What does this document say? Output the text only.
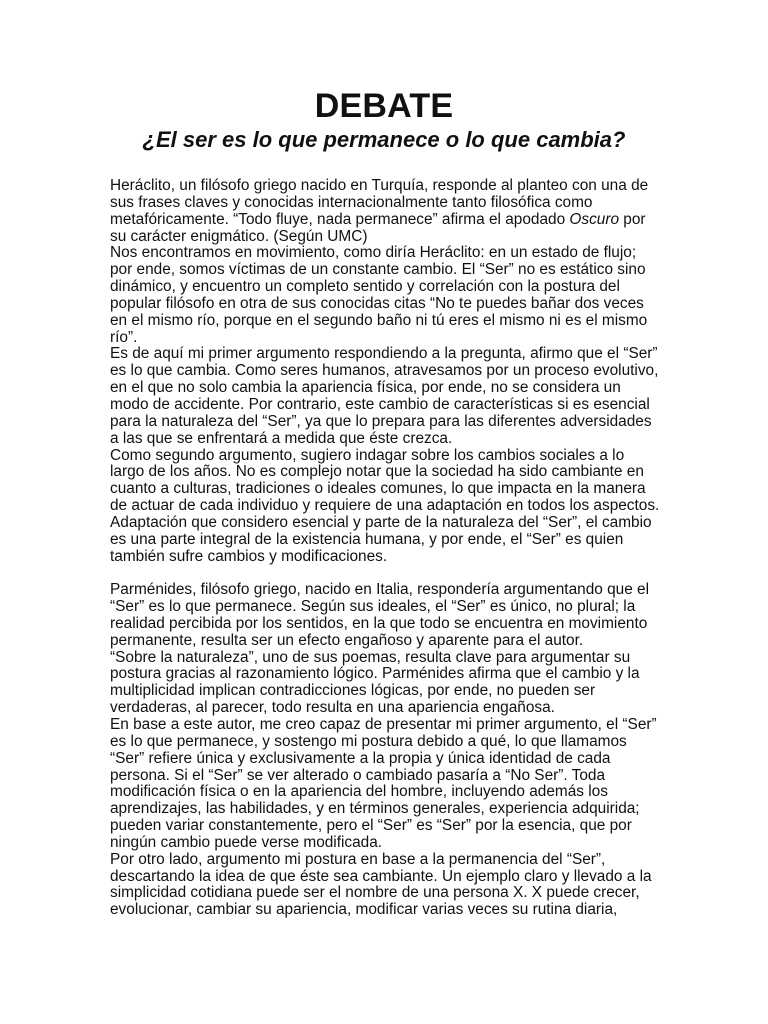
DEBATE
¿El ser es lo que permanece o lo que cambia?

Heráclito, un filósofo griego nacido en Turquía, responde al planteo con una de sus frases claves y conocidas internacionalmente tanto filosófica como metafóricamente. “Todo fluye, nada permanece” afirma el apodado Oscuro por su carácter enigmático. (Según UMC)

Nos encontramos en movimiento, como diría Heráclito: en un estado de flujo; por ende, somos víctimas de un constante cambio. El “Ser” no es estático sino dinámico, y encuentro un completo sentido y correlación con la postura del popular filósofo en otra de sus conocidas citas “No te puedes bañar dos veces en el mismo río, porque en el segundo baño ni tú eres el mismo ni es el mismo río”.

Es de aquí mi primer argumento respondiendo a la pregunta, afirmo que el “Ser” es lo que cambia. Como seres humanos, atravesamos por un proceso evolutivo, en el que no solo cambia la apariencia física, por ende, no se considera un modo de accidente. Por contrario, este cambio de características si es esencial para la naturaleza del “Ser”, ya que lo prepara para las diferentes adversidades a las que se enfrentará a medida que éste crezca.

Como segundo argumento, sugiero indagar sobre los cambios sociales a lo largo de los años. No es complejo notar que la sociedad ha sido cambiante en cuanto a culturas, tradiciones o ideales comunes, lo que impacta en la manera de actuar de cada individuo y requiere de una adaptación en todos los aspectos. Adaptación que considero esencial y parte de la naturaleza del “Ser”, el cambio es una parte integral de la existencia humana, y por ende, el “Ser” es quien también sufre cambios y modificaciones.

Parménides, filósofo griego, nacido en Italia, respondería argumentando que el “Ser” es lo que permanece. Según sus ideales, el “Ser” es único, no plural; la realidad percibida por los sentidos, en la que todo se encuentra en movimiento permanente, resulta ser un efecto engañoso y aparente para el autor.

“Sobre la naturaleza”, uno de sus poemas, resulta clave para argumentar su postura gracias al razonamiento lógico. Parménides afirma que el cambio y la multiplicidad implican contradicciones lógicas, por ende, no pueden ser verdaderas, al parecer, todo resulta en una apariencia engañosa.

En base a este autor, me creo capaz de presentar mi primer argumento, el “Ser” es lo que permanece, y sostengo mi postura debido a qué, lo que llamamos “Ser” refiere única y exclusivamente a la propia y única identidad de cada persona. Si el “Ser” se ver alterado o cambiado pasaría a “No Ser”. Toda modificación física o en la apariencia del hombre, incluyendo además los aprendizajes, las habilidades, y en términos generales, experiencia adquirida; pueden variar constantemente, pero el “Ser” es “Ser” por la esencia, que por ningún cambio puede verse modificada.

Por otro lado, argumento mi postura en base a la permanencia del “Ser”, descartando la idea de que éste sea cambiante. Un ejemplo claro y llevado a la simplicidad cotidiana puede ser el nombre de una persona X. X puede crecer, evolucionar, cambiar su apariencia, modificar varias veces su rutina diaria,
